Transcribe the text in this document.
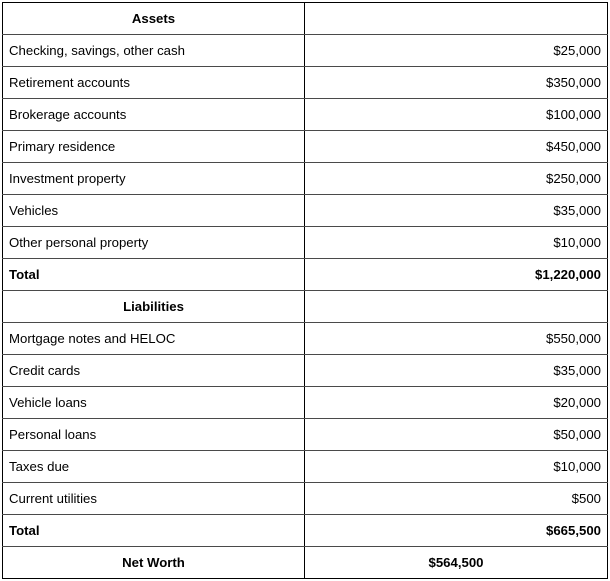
Assets	
Checking, savings, other cash	$25,000
Retirement accounts	$350,000
Brokerage accounts	$100,000
Primary residence	$450,000
Investment property	$250,000
Vehicles	$35,000
Other personal property	$10,000
Total	$1,220,000
Liabilities	
Mortgage notes and HELOC	$550,000
Credit cards	$35,000
Vehicle loans	$20,000
Personal loans	$50,000
Taxes due	$10,000
Current utilities	$500
Total	$665,500
Net Worth	$564,500
